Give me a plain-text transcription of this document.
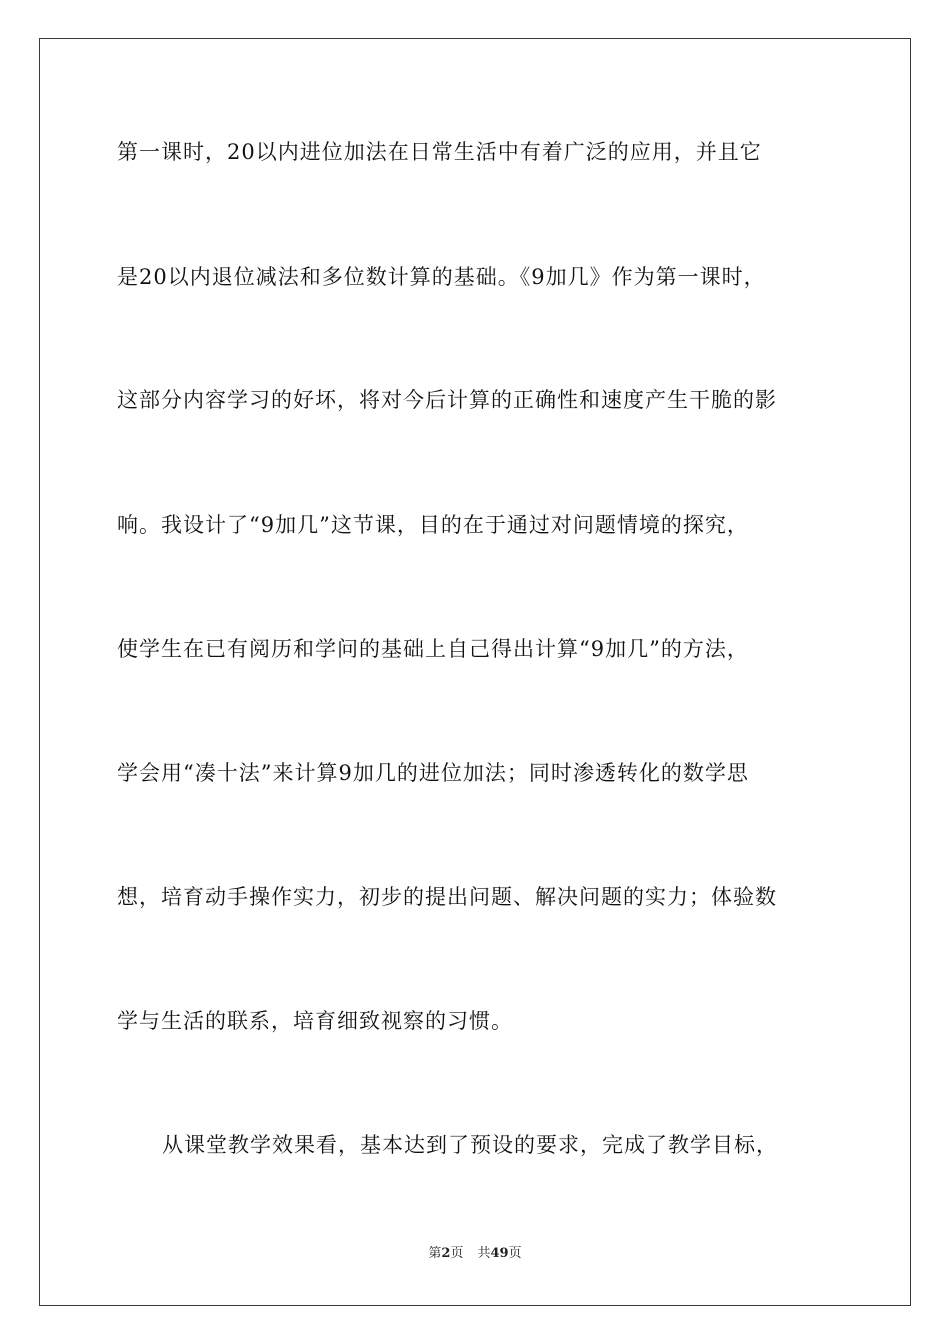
第一课时，20以内进位加法在日常生活中有着广泛的应用，并且它
是20以内退位减法和多位数计算的基础。《9加几》作为第一课时，
这部分内容学习的好坏，将对今后计算的正确性和速度产生干脆的影
响。我设计了“9加几”这节课，目的在于通过对问题情境的探究，
使学生在已有阅历和学问的基础上自己得出计算“9加几”的方法，
学会用“凑十法”来计算9加几的进位加法；同时渗透转化的数学思
想，培育动手操作实力，初步的提出问题、解决问题的实力；体验数
学与生活的联系，培育细致视察的习惯。
从课堂教学效果看，基本达到了预设的要求，完成了教学目标，
第2页 共49页
